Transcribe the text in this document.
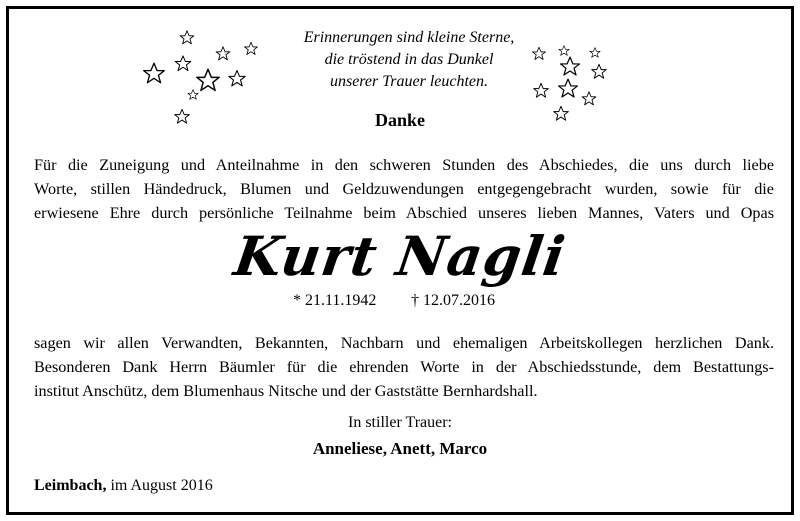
Erinnerungen sind kleine Sterne,
die tröstend in das Dunkel
unserer Trauer leuchten.
Danke
Für die Zuneigung und Anteilnahme in den schweren Stunden des Abschiedes, die uns durch liebe
Worte, stillen Händedruck, Blumen und Geldzuwendungen entgegengebracht wurden, sowie für die
erwiesene Ehre durch persönliche Teilnahme beim Abschied unseres lieben Mannes, Vaters und Opas
Kurt Nagli
* 21.11.1942 † 12.07.2016
sagen wir allen Verwandten, Bekannten, Nachbarn und ehemaligen Arbeitskollegen herzlichen Dank.
Besonderen Dank Herrn Bäumler für die ehrenden Worte in der Abschiedsstunde, dem Bestattungs-
institut Anschütz, dem Blumenhaus Nitsche und der Gaststätte Bernhardshall.
In stiller Trauer:
Anneliese, Anett, Marco
Leimbach, im August 2016
